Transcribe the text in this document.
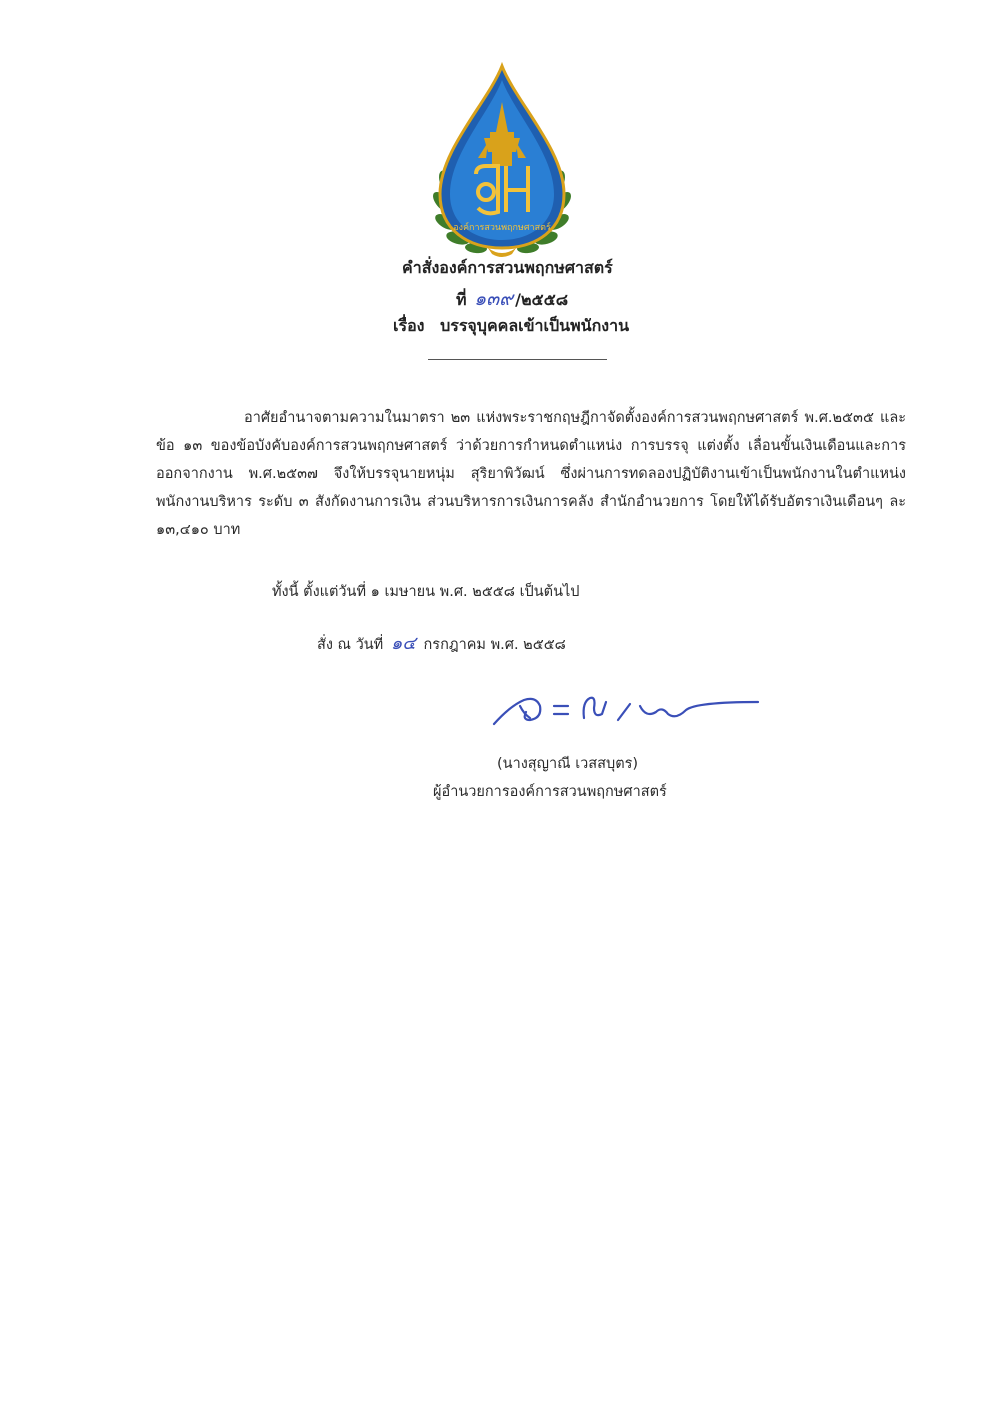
องค์การสวนพฤกษศาสตร์
คำสั่งองค์การสวนพฤกษศาสตร์
ที่ ๑๓๙ /๒๕๕๘
เรื่อง บรรจุบุคคลเข้าเป็นพนักงาน

อาศัยอำนาจตามความในมาตรา ๒๓ แห่งพระราชกฤษฎีกาจัดตั้งองค์การสวนพฤกษศาสตร์ พ.ศ.๒๕๓๕ และข้อ ๑๓ ของข้อบังคับองค์การสวนพฤกษศาสตร์ ว่าด้วยการกำหนดตำแหน่ง การบรรจุ แต่งตั้ง เลื่อนขั้นเงินเดือนและการออกจากงาน พ.ศ.๒๕๓๗ จึงให้บรรจุนายหนุ่ม สุริยาพิวัฒน์ ซึ่งผ่านการทดลองปฏิบัติงานเข้าเป็นพนักงานในตำแหน่งพนักงานบริหาร ระดับ ๓ สังกัดงานการเงิน ส่วนบริหารการเงินการคลัง สำนักอำนวยการ โดยให้ได้รับอัตราเงินเดือนๆ ละ ๑๓,๔๑๐ บาท

ทั้งนี้ ตั้งแต่วันที่ ๑ เมษายน พ.ศ. ๒๕๕๘ เป็นต้นไป
สั่ง ณ วันที่ ๑๔ กรกฎาคม พ.ศ. ๒๕๕๘
(นางสุญาณี เวสสบุตร)
ผู้อำนวยการองค์การสวนพฤกษศาสตร์
